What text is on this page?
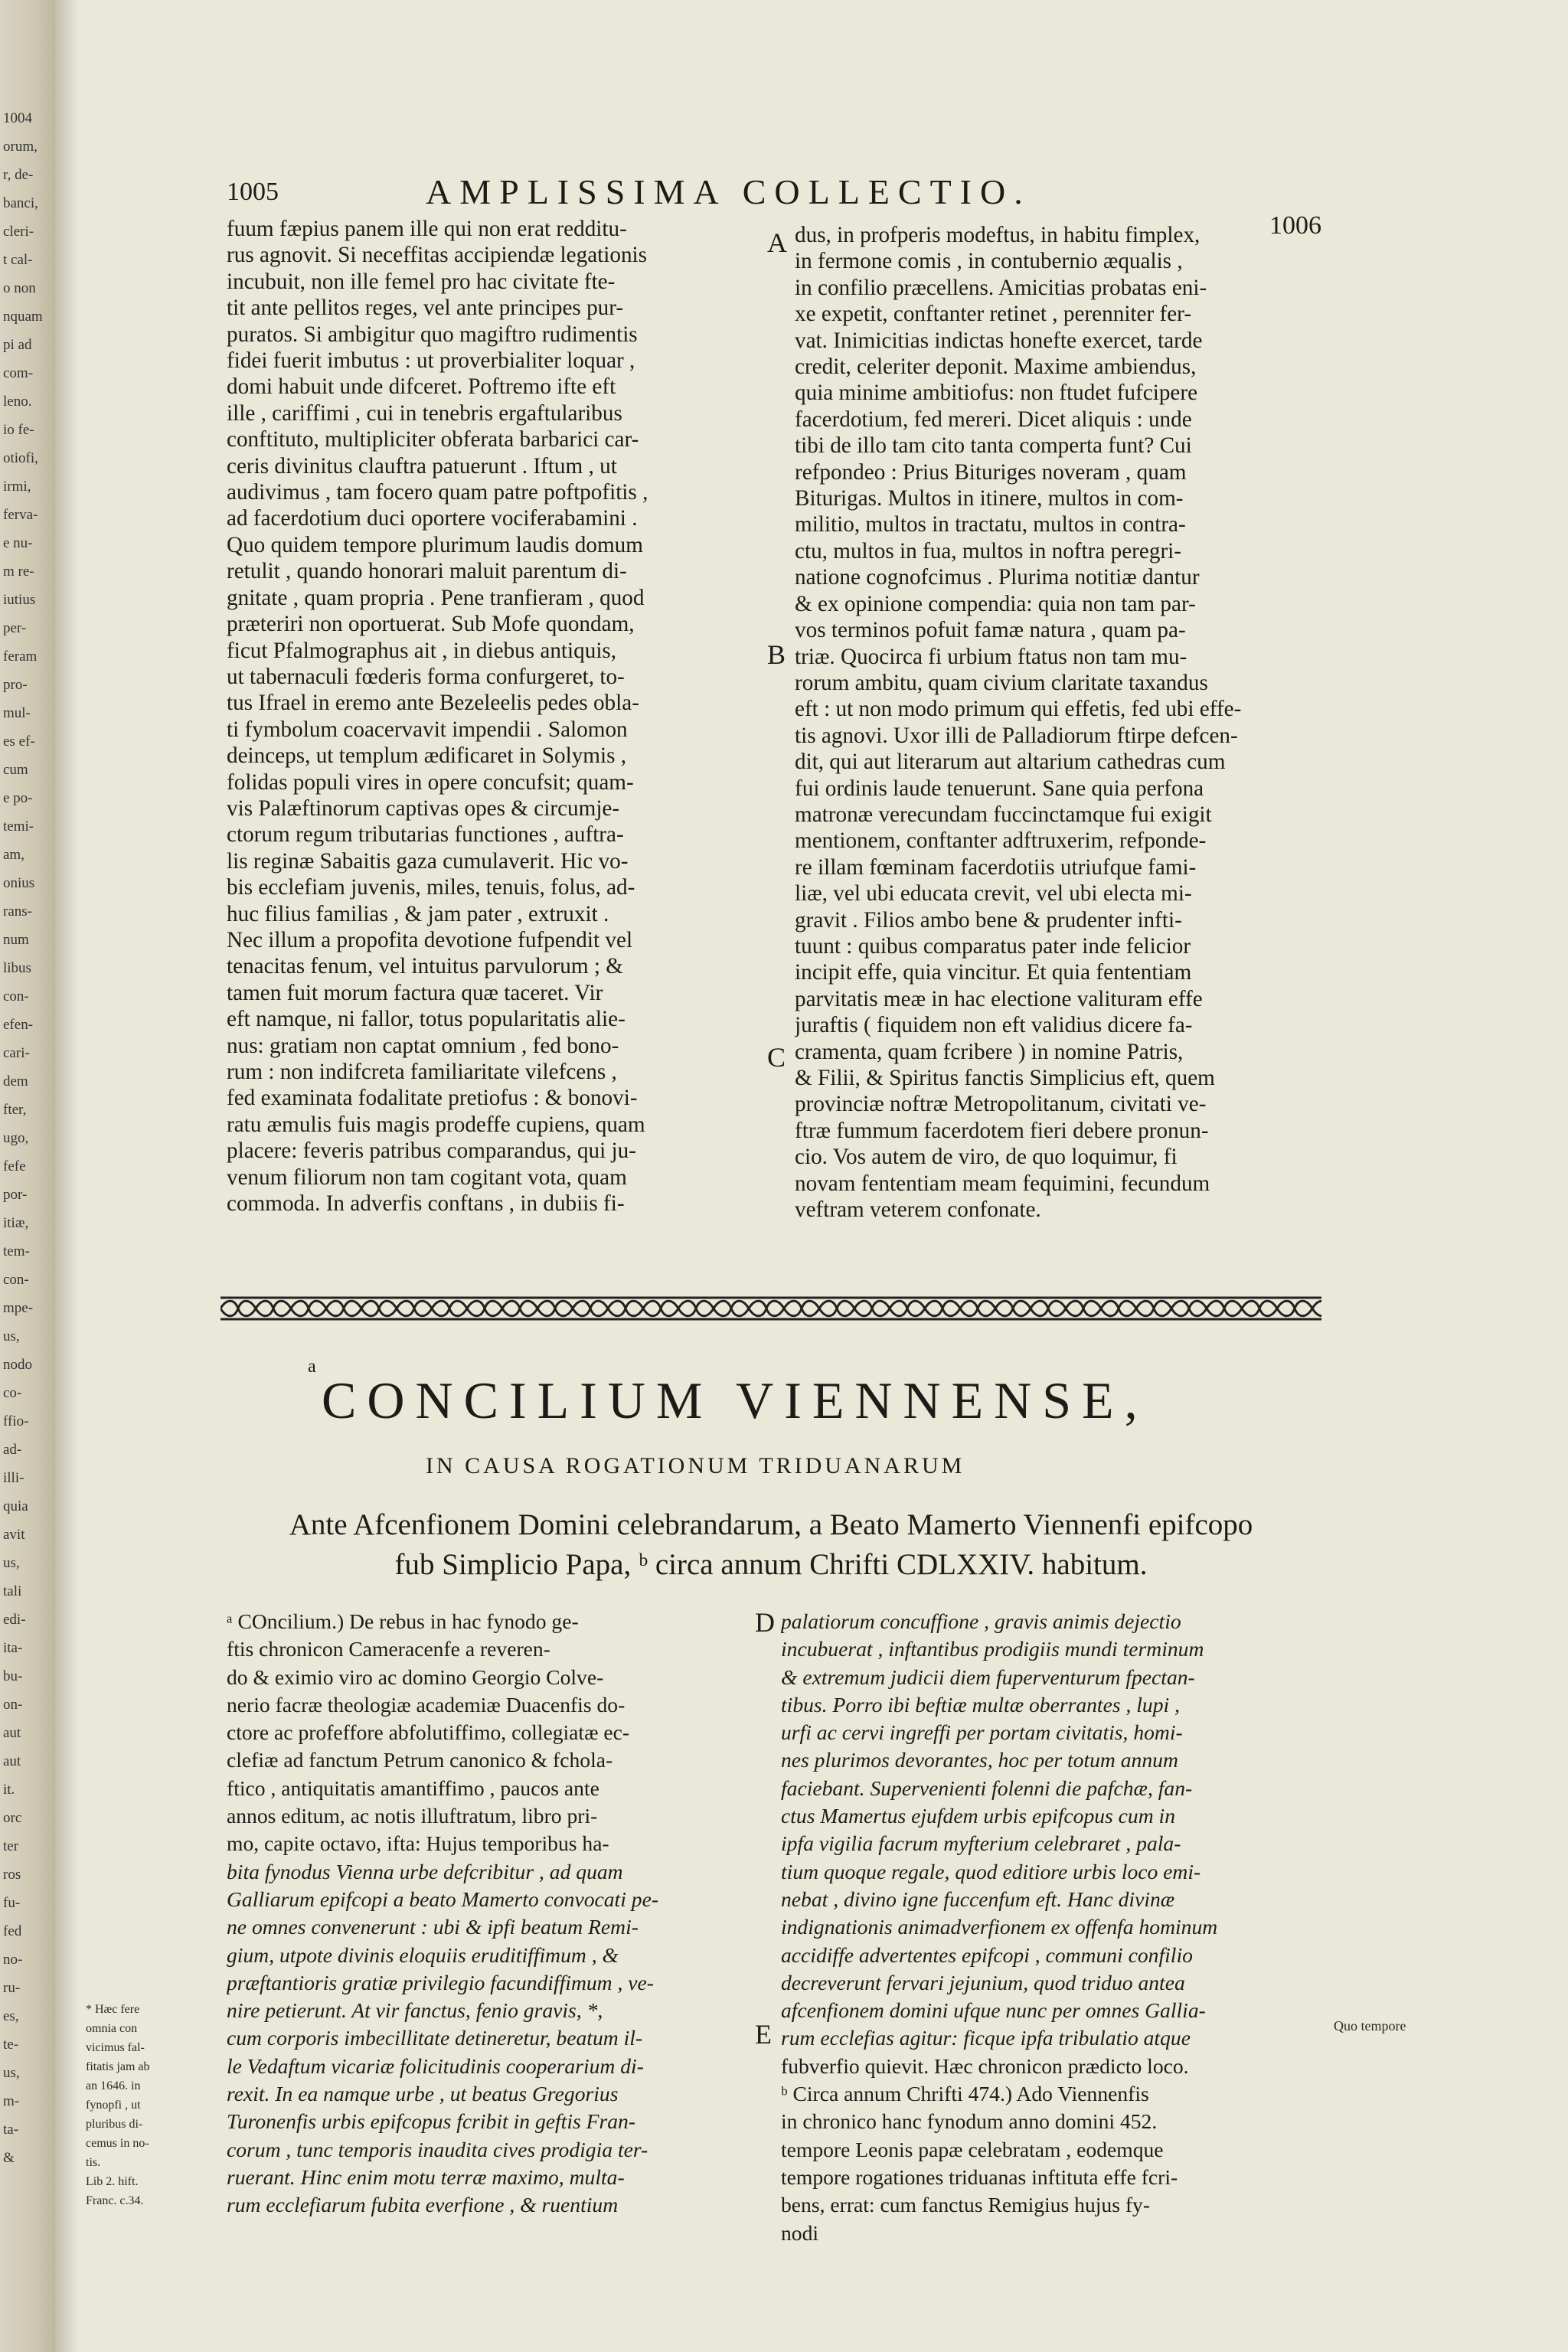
1004
orum,
r, de-
banci,
cleri-
t cal-
o non
nquam
pi ad
com-
leno.
io fe-
otiofi,
irmi,
ferva-
e nu-
m re-
iutius
per-
feram
pro-
mul-
es ef-
cum
e po-
temi-
am,
onius
rans-
num
libus
con-
efen-
cari-
dem
fter,
ugo,
fefe
por-
itiæ,
tem-
con-
mpe-
us,
nodo
co-
ffio-
ad-
illi-
quia
avit
us,
tali
edi-
ita-
bu-
on-
aut
aut
it.
orc
ter
ros
fu-
fed
no-
ru-
es,
te-
us,
m-
ta-
&
1005	AMPLISSIMA COLLECTIO.
1006
fuum fæpius panem ille qui non erat redditu-
rus agnovit. Si neceffitas accipiendæ legationis
incubuit, non ille femel pro hac civitate fte-
tit ante pellitos reges, vel ante principes pur-
puratos. Si ambigitur quo magiftro rudimentis
fidei fuerit imbutus : ut proverbialiter loquar ,
domi habuit unde difceret. Poftremo ifte eft
ille , cariffimi , cui in tenebris ergaftularibus
conftituto, multipliciter obferata barbarici car-
ceris divinitus clauftra patuerunt . Iftum , ut
audivimus , tam focero quam patre poftpofitis ,
ad facerdotium duci oportere vociferabamini .
Quo quidem tempore plurimum laudis domum
retulit , quando honorari maluit parentum di-
gnitate , quam propria . Pene tranfieram , quod
præteriri non oportuerat. Sub Mofe quondam,
ficut Pfalmographus ait , in diebus antiquis,
ut tabernaculi fœderis forma confurgeret, to-
tus Ifrael in eremo ante Bezeleelis pedes obla-
ti fymbolum coacervavit impendii . Salomon
deinceps, ut templum ædificaret in Solymis ,
folidas populi vires in opere concufsit; quam-
vis Palæftinorum captivas opes & circumje-
ctorum regum tributarias functiones , auftra-
lis reginæ Sabaitis gaza cumulaverit. Hic vo-
bis ecclefiam juvenis, miles, tenuis, folus, ad-
huc filius familias , & jam pater , extruxit .
Nec illum a propofita devotione fufpendit vel
tenacitas fenum, vel intuitus parvulorum ; &
tamen fuit morum factura quæ taceret. Vir
eft namque, ni fallor, totus popularitatis alie-
nus: gratiam non captat omnium , fed bono-
rum : non indifcreta familiaritate vilefcens ,
fed examinata fodalitate pretiofus : & bonovi-
ratu æmulis fuis magis prodeffe cupiens, quam
placere: feveris patribus comparandus, qui ju-
venum filiorum non tam cogitant vota, quam
commoda. In adverfis conftans , in dubiis fi-
dus, in profperis modeftus, in habitu fimplex,
in fermone comis , in contubernio æqualis ,
in confilio præcellens. Amicitias probatas eni-
xe expetit, conftanter retinet , perenniter fer-
vat. Inimicitias indictas honefte exercet, tarde
credit, celeriter deponit. Maxime ambiendus,
quia minime ambitiofus: non ftudet fufcipere
facerdotium, fed mereri. Dicet aliquis : unde
tibi de illo tam cito tanta comperta funt? Cui
refpondeo : Prius Bituriges noveram , quam
Biturigas. Multos in itinere, multos in com-
militio, multos in tractatu, multos in contra-
ctu, multos in fua, multos in noftra peregri-
natione cognofcimus . Plurima notitiæ dantur
& ex opinione compendia: quia non tam par-
vos terminos pofuit famæ natura , quam pa-
triæ. Quocirca fi urbium ftatus non tam mu-
rorum ambitu, quam civium claritate taxandus
eft : ut non modo primum qui effetis, fed ubi effe-
tis agnovi. Uxor illi de Palladiorum ftirpe defcen-
dit, qui aut literarum aut altarium cathedras cum
fui ordinis laude tenuerunt. Sane quia perfona
matronæ verecundam fuccinctamque fui exigit
mentionem, conftanter adftruxerim, refponde-
re illam fœminam facerdotiis utriufque fami-
liæ, vel ubi educata crevit, vel ubi electa mi-
gravit . Filios ambo bene & prudenter infti-
tuunt : quibus comparatus pater inde felicior
incipit effe, quia vincitur. Et quia fententiam
parvitatis meæ in hac electione valituram effe
juraftis ( fiquidem non eft validius dicere fa-
cramenta, quam fcribere ) in nomine Patris,
& Filii, & Spiritus fanctis Simplicius eft, quem
provinciæ noftræ Metropolitanum, civitati ve-
ftræ fummum facerdotem fieri debere pronun-
cio. Vos autem de viro, de quo loquimur, fi
novam fententiam meam fequimini, fecundum
veftram veterem confonate.
A
B
C
a
CONCILIUM VIENNENSE,
IN CAUSA ROGATIONUM TRIDUANARUM
Ante Afcenfionem Domini celebrandarum, a Beato Mamerto Viennenfi epifcopo
fub Simplicio Papa, ᵇ circa annum Chrifti CDLXXIV. habitum.
ᵃ COncilium.) De rebus in hac fynodo ge-
ftis chronicon Cameracenfe a reveren-
do & eximio viro ac domino Georgio Colve-
nerio facræ theologiæ academiæ Duacenfis do-
ctore ac profeffore abfolutiffimo, collegiatæ ec-
clefiæ ad fanctum Petrum canonico & fchola-
ftico , antiquitatis amantiffimo , paucos ante
annos editum, ac notis illuftratum, libro pri-
mo, capite octavo, ifta: Hujus temporibus ha-
bita fynodus Vienna urbe defcribitur , ad quam
Galliarum epifcopi a beato Mamerto convocati pe-
ne omnes convenerunt : ubi & ipfi beatum Remi-
gium, utpote divinis eloquiis eruditiffimum , &
præftantioris gratiæ privilegio facundiffimum , ve-
nire petierunt. At vir fanctus, fenio gravis, *,
cum corporis imbecillitate detineretur, beatum il-
le Vedaftum vicariæ folicitudinis cooperarium di-
rexit. In ea namque urbe , ut beatus Gregorius
Turonenfis urbis epifcopus fcribit in geftis Fran-
corum , tunc temporis inaudita cives prodigia ter-
ruerant. Hinc enim motu terræ maximo, multa-
rum ecclefiarum fubita everfione , & ruentium
palatiorum concuffione , gravis animis dejectio
incubuerat , inftantibus prodigiis mundi terminum
& extremum judicii diem fuperventurum fpectan-
tibus. Porro ibi beftiæ multæ oberrantes , lupi ,
urfi ac cervi ingreffi per portam civitatis, homi-
nes plurimos devorantes, hoc per totum annum
faciebant. Supervenienti folenni die pafchæ, fan-
ctus Mamertus ejufdem urbis epifcopus cum in
ipfa vigilia facrum myfterium celebraret , pala-
tium quoque regale, quod editiore urbis loco emi-
nebat , divino igne fuccenfum eft. Hanc divinæ
indignationis animadverfionem ex offenfa hominum
accidiffe advertentes epifcopi , communi confilio
decreverunt fervari jejunium, quod triduo antea
afcenfionem domini ufque nunc per omnes Gallia-
rum ecclefias agitur: ficque ipfa tribulatio atque
fubverfio quievit. Hæc chronicon prædicto loco.
ᵇ Circa annum Chrifti 474.) Ado Viennenfis
in chronico hanc fynodum anno domini 452.
tempore Leonis papæ celebratam , eodemque
tempore rogationes triduanas inftituta effe fcri-
bens, errat: cum fanctus Remigius hujus fy-
nodi
D
E
* Hæc fere
omnia con
vicimus fal-
fitatis jam ab
an 1646. in
fynopfi , ut
pluribus di-
cemus in no-
tis.
Lib 2. hift.
Franc. c.34.
Quo tempore
